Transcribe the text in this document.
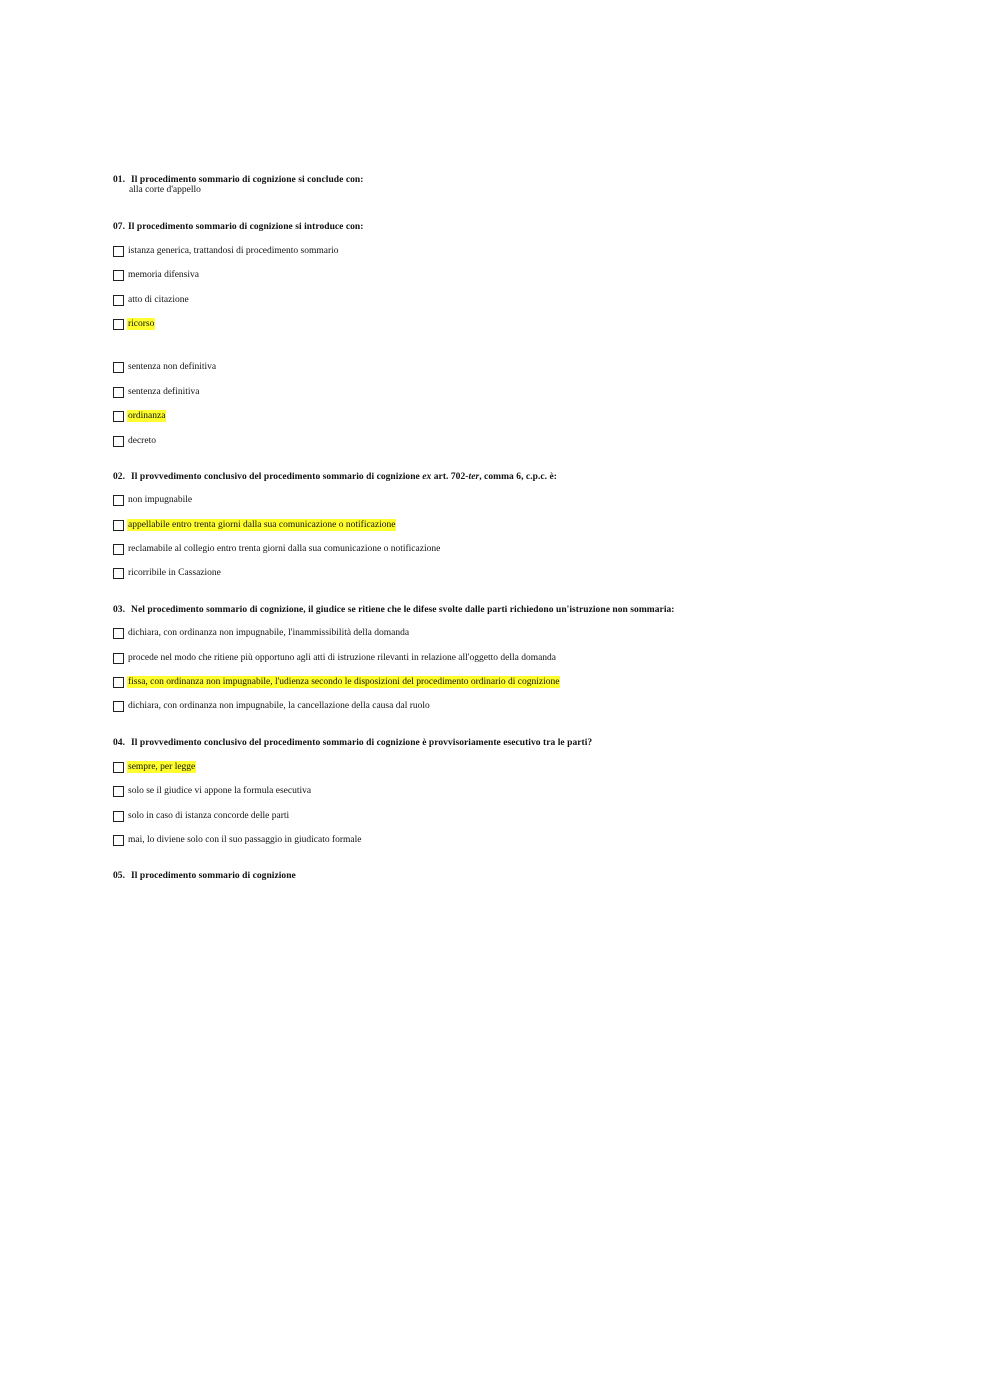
01. Il procedimento sommario di cognizione si conclude con:
alla corte d'appello
07. Il procedimento sommario di cognizione si introduce con:
istanza generica, trattandosi di procedimento sommario
memoria difensiva
atto di citazione
ricorso
sentenza non definitiva
sentenza definitiva
ordinanza
decreto
02. Il provvedimento conclusivo del procedimento sommario di cognizione ex art. 702-ter, comma 6, c.p.c. è:
non impugnabile
appellabile entro trenta giorni dalla sua comunicazione o notificazione
reclamabile al collegio entro trenta giorni dalla sua comunicazione o notificazione
ricorribile in Cassazione
03. Nel procedimento sommario di cognizione, il giudice se ritiene che le difese svolte dalle parti richiedono un'istruzione non sommaria:
dichiara, con ordinanza non impugnabile, l'inammissibilità della domanda
procede nel modo che ritiene più opportuno agli atti di istruzione rilevanti in relazione all'oggetto della domanda
fissa, con ordinanza non impugnabile, l'udienza secondo le disposizioni del procedimento ordinario di cognizione
dichiara, con ordinanza non impugnabile, la cancellazione della causa dal ruolo
04. Il provvedimento conclusivo del procedimento sommario di cognizione è provvisoriamente esecutivo tra le parti?
sempre, per legge
solo se il giudice vi appone la formula esecutiva
solo in caso di istanza concorde delle parti
mai, lo diviene solo con il suo passaggio in giudicato formale
05. Il procedimento sommario di cognizione
